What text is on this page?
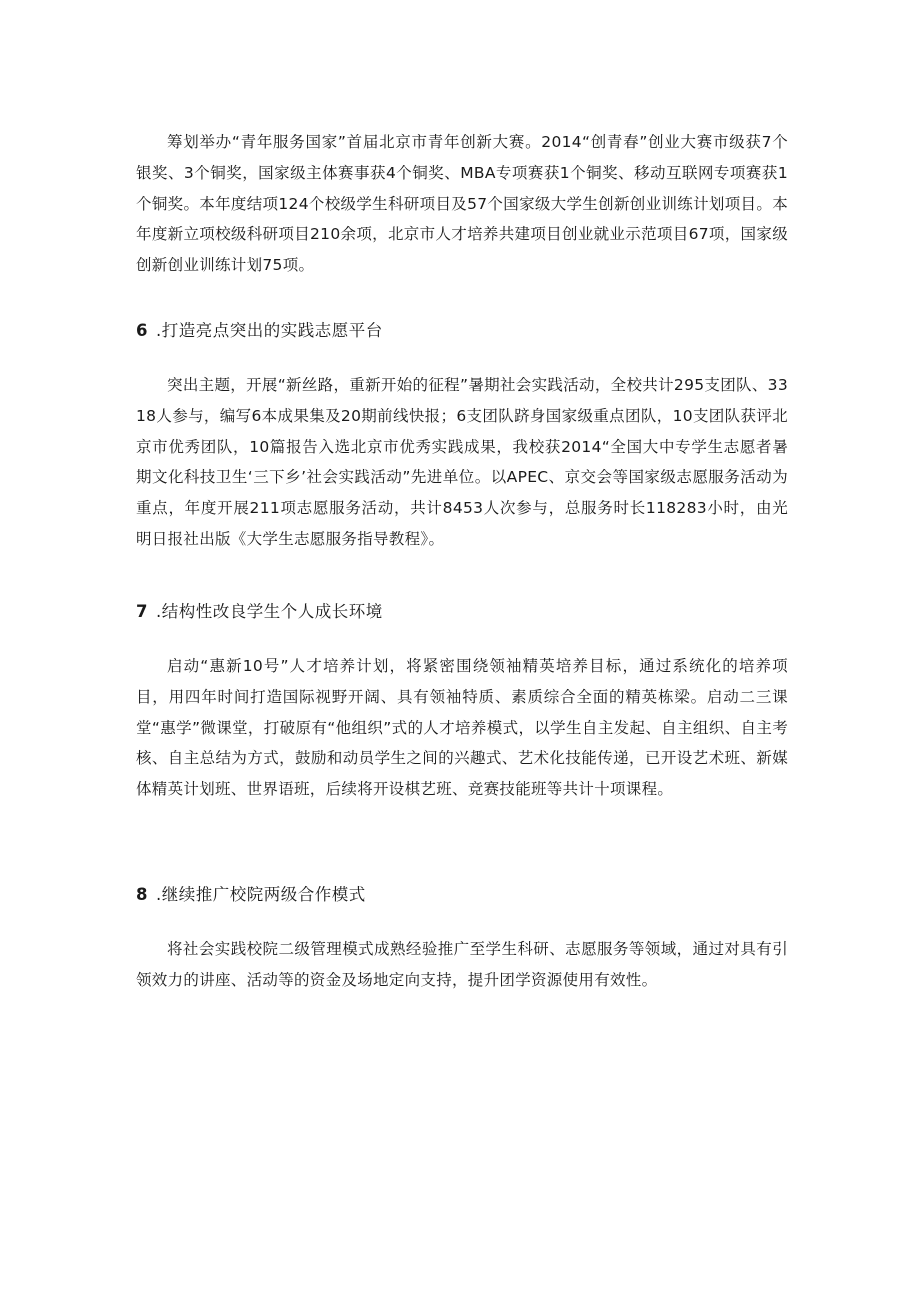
筹划举办“青年服务国家”首届北京市青年创新大赛。2014“创青春”创业大赛市级获7个银奖、3个铜奖，国家级主体赛事获4个铜奖、MBA专项赛获1个铜奖、移动互联网专项赛获1个铜奖。本年度结项124个校级学生科研项目及57个国家级大学生创新创业训练计划项目。本年度新立项校级科研项目210余项，北京市人才培养共建项目创业就业示范项目67项，国家级创新创业训练计划75项。

6 .打造亮点突出的实践志愿平台

突出主题，开展“新丝路，重新开始的征程”暑期社会实践活动，全校共计295支团队、3318人参与，编写6本成果集及20期前线快报；6支团队跻身国家级重点团队，10支团队获评北京市优秀团队，10篇报告入选北京市优秀实践成果，我校获2014“全国大中专学生志愿者暑期文化科技卫生‘三下乡’社会实践活动”先进单位。以APEC、京交会等国家级志愿服务活动为重点，年度开展211项志愿服务活动，共计8453人次参与，总服务时长118283小时，由光明日报社出版《大学生志愿服务指导教程》。

7 .结构性改良学生个人成长环境

启动“惠新10号”人才培养计划，将紧密围绕领袖精英培养目标，通过系统化的培养项目，用四年时间打造国际视野开阔、具有领袖特质、素质综合全面的精英栋梁。启动二三课堂“惠学”微课堂，打破原有“他组织”式的人才培养模式，以学生自主发起、自主组织、自主考核、自主总结为方式，鼓励和动员学生之间的兴趣式、艺术化技能传递，已开设艺术班、新媒体精英计划班、世界语班，后续将开设棋艺班、竞赛技能班等共计十项课程。

8 .继续推广校院两级合作模式

将社会实践校院二级管理模式成熟经验推广至学生科研、志愿服务等领域，通过对具有引领效力的讲座、活动等的资金及场地定向支持，提升团学资源使用有效性。
